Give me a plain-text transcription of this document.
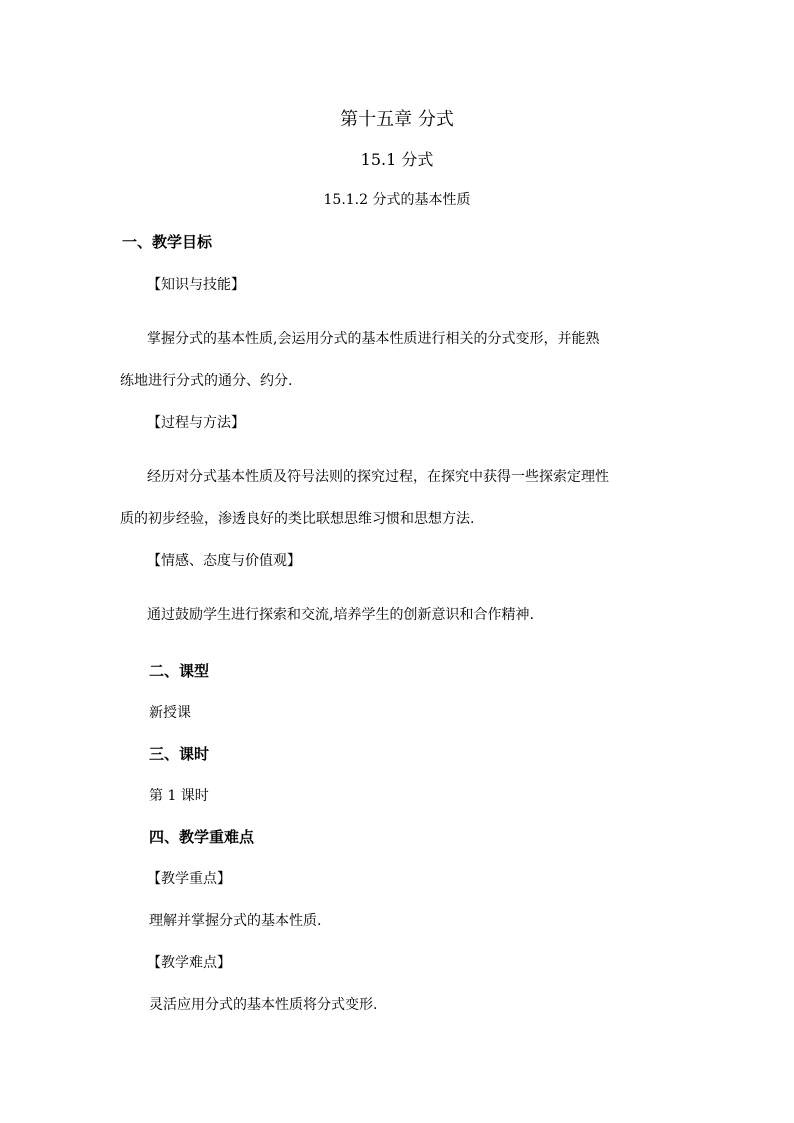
第十五章 分式
15.1 分式
15.1.2 分式的基本性质
一、教学目标
【知识与技能】
掌握分式的基本性质,会运用分式的基本性质进行相关的分式变形，并能熟
练地进行分式的通分、约分.
【过程与方法】
经历对分式基本性质及符号法则的探究过程，在探究中获得一些探索定理性
质的初步经验，渗透良好的类比联想思维习惯和思想方法.
【情感、态度与价值观】
通过鼓励学生进行探索和交流,培养学生的创新意识和合作精神.
二、课型
新授课
三、课时
第 1 课时
四、教学重难点
【教学重点】
理解并掌握分式的基本性质.
【教学难点】
灵活应用分式的基本性质将分式变形.
